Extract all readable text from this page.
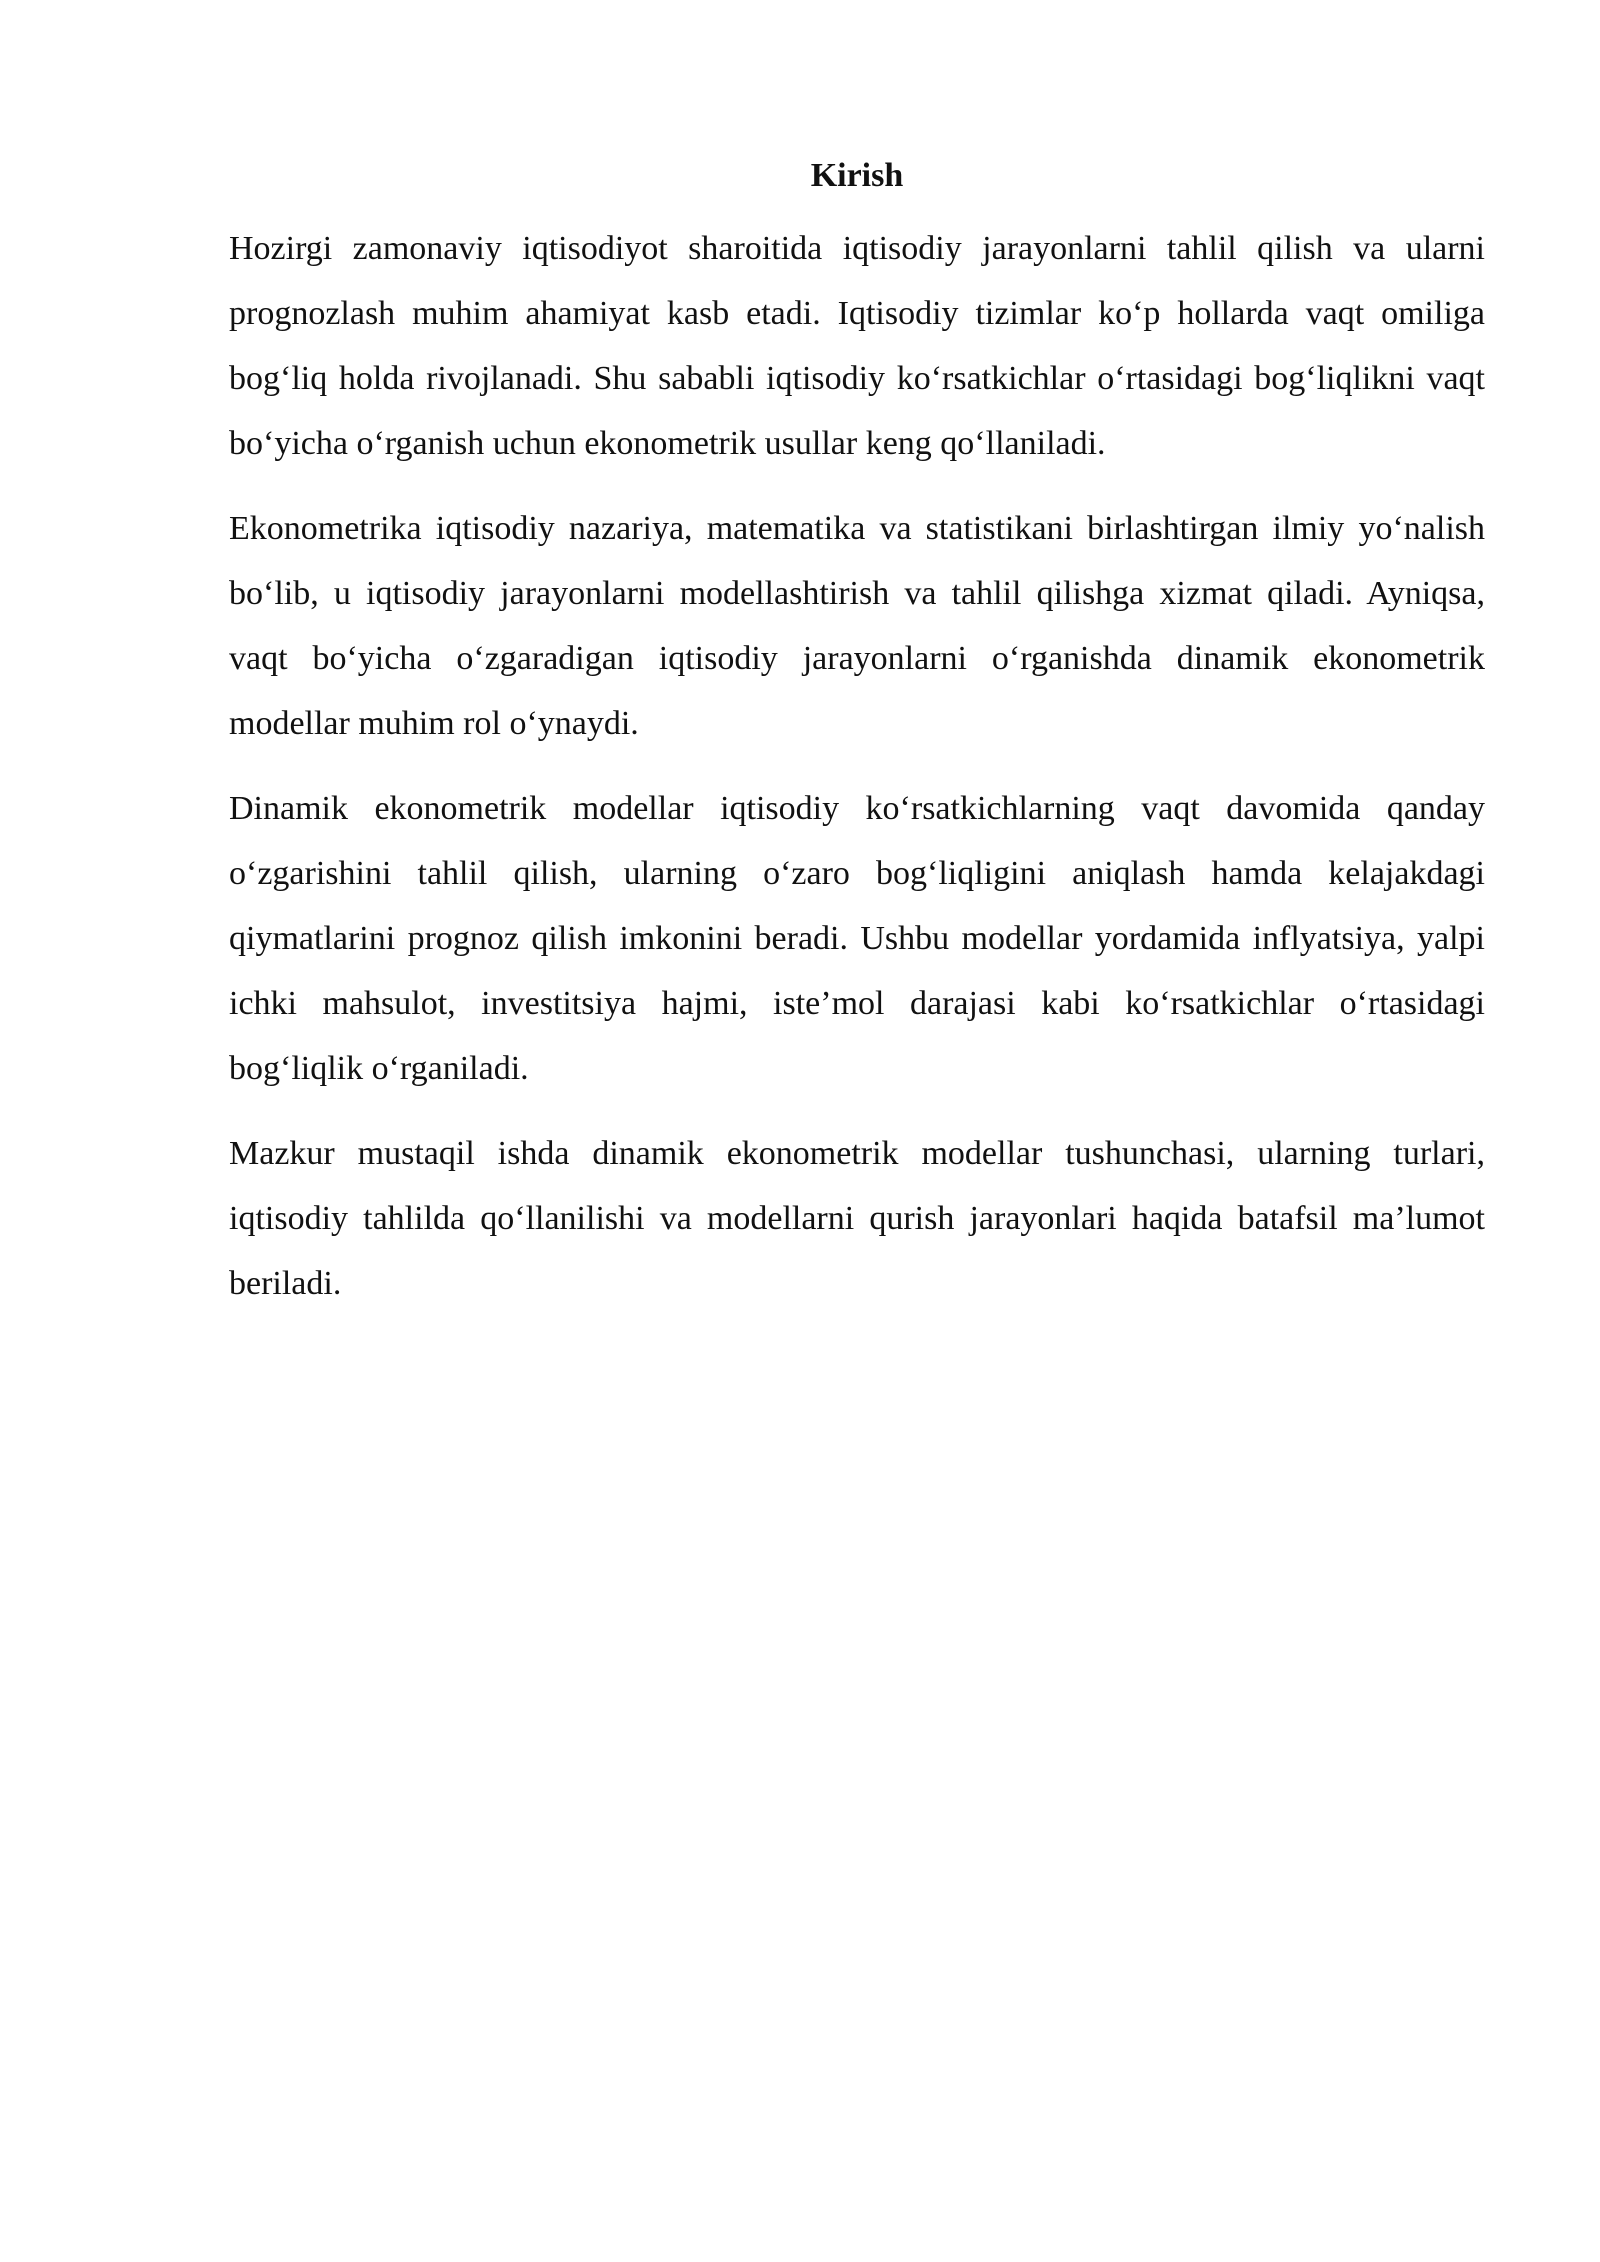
Kirish

Hozirgi zamonaviy iqtisodiyot sharoitida iqtisodiy jarayonlarni tahlil qilish va ularni prognozlash muhim ahamiyat kasb etadi. Iqtisodiy tizimlar ko‘p hollarda vaqt omiliga bog‘liq holda rivojlanadi. Shu sababli iqtisodiy ko‘rsatkichlar o‘rtasidagi bog‘liqlikni vaqt bo‘yicha o‘rganish uchun ekonometrik usullar keng qo‘llaniladi.

Ekonometrika iqtisodiy nazariya, matematika va statistikani birlashtirgan ilmiy yo‘nalish bo‘lib, u iqtisodiy jarayonlarni modellashtirish va tahlil qilishga xizmat qiladi. Ayniqsa, vaqt bo‘yicha o‘zgaradigan iqtisodiy jarayonlarni o‘rganishda dinamik ekonometrik modellar muhim rol o‘ynaydi.

Dinamik ekonometrik modellar iqtisodiy ko‘rsatkichlarning vaqt davomida qanday o‘zgarishini tahlil qilish, ularning o‘zaro bog‘liqligini aniqlash hamda kelajakdagi qiymatlarini prognoz qilish imkonini beradi. Ushbu modellar yordamida inflyatsiya, yalpi ichki mahsulot, investitsiya hajmi, iste’mol darajasi kabi ko‘rsatkichlar o‘rtasidagi bog‘liqlik o‘rganiladi.

Mazkur mustaqil ishda dinamik ekonometrik modellar tushunchasi, ularning turlari, iqtisodiy tahlilda qo‘llanilishi va modellarni qurish jarayonlari haqida batafsil ma’lumot beriladi.
